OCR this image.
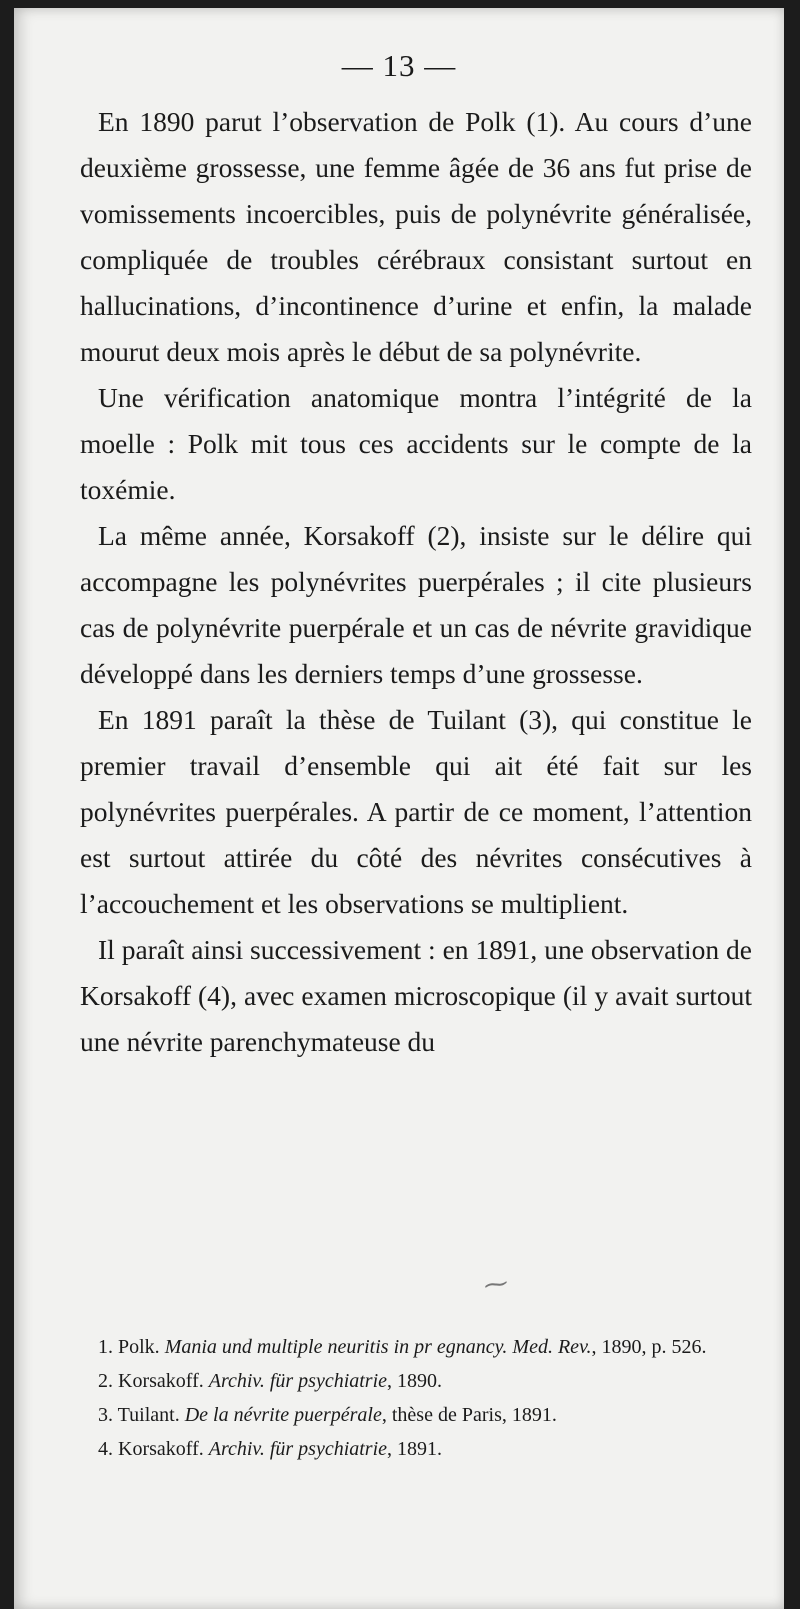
— 13 —

En 1890 parut l’observation de Polk (1). Au cours d’une deuxième grossesse, une femme âgée de 36 ans fut prise de vomissements incoercibles, puis de polynévrite généralisée, compliquée de troubles cérébraux consistant surtout en hallucinations, d’incontinence d’urine et enfin, la malade mourut deux mois après le début de sa polynévrite.

Une vérification anatomique montra l’intégrité de la moelle : Polk mit tous ces accidents sur le compte de la toxémie.

La même année, Korsakoff (2), insiste sur le délire qui accompagne les polynévrites puerpérales ; il cite plusieurs cas de polynévrite puerpérale et un cas de névrite gravidique développé dans les derniers temps d’une grossesse.

En 1891 paraît la thèse de Tuilant (3), qui constitue le premier travail d’ensemble qui ait été fait sur les polynévrites puerpérales. A partir de ce moment, l’attention est surtout attirée du côté des névrites consécutives à l’accouchement et les observations se multiplient.

Il paraît ainsi successivement : en 1891, une observation de Korsakoff (4), avec examen microscopique (il y avait surtout une névrite parenchymateuse du

⁓

1. Polk. Mania und multiple neuritis in pr egnancy. Med. Rev., 1890, p. 526.

2. Korsakoff. Archiv. für psychiatrie, 1890.

3. Tuilant. De la névrite puerpérale, thèse de Paris, 1891.

4. Korsakoff. Archiv. für psychiatrie, 1891.
